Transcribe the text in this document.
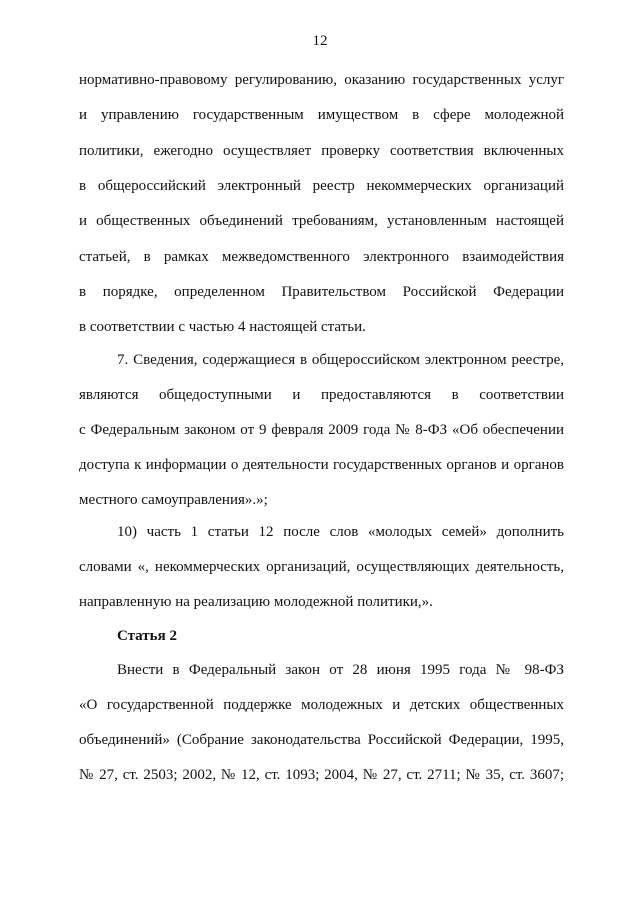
12
нормативно-правовому регулированию, оказанию государственных услуг
и управлению государственным имуществом в сфере молодежной
политики, ежегодно осуществляет проверку соответствия включенных
в общероссийский электронный реестр некоммерческих организаций
и общественных объединений требованиям, установленным настоящей
статьей, в рамках межведомственного электронного взаимодействия
в порядке, определенном Правительством Российской Федерации
в соответствии с частью 4 настоящей статьи.
7. Сведения, содержащиеся в общероссийском электронном реестре,
являются общедоступными и предоставляются в соответствии
с Федеральным законом от 9 февраля 2009 года № 8-ФЗ «Об обеспечении
доступа к информации о деятельности государственных органов и органов
местного самоуправления».»;
10) часть 1 статьи 12 после слов «молодых семей» дополнить
словами «, некоммерческих организаций, осуществляющих деятельность,
направленную на реализацию молодежной политики,».
Внести в Федеральный закон от 28 июня 1995 года № 98-ФЗ
«О государственной поддержке молодежных и детских общественных
объединений» (Собрание законодательства Российской Федерации, 1995,
№ 27, ст. 2503; 2002, № 12, ст. 1093; 2004, № 27, ст. 2711; № 35, ст. 3607;
Статья 2
